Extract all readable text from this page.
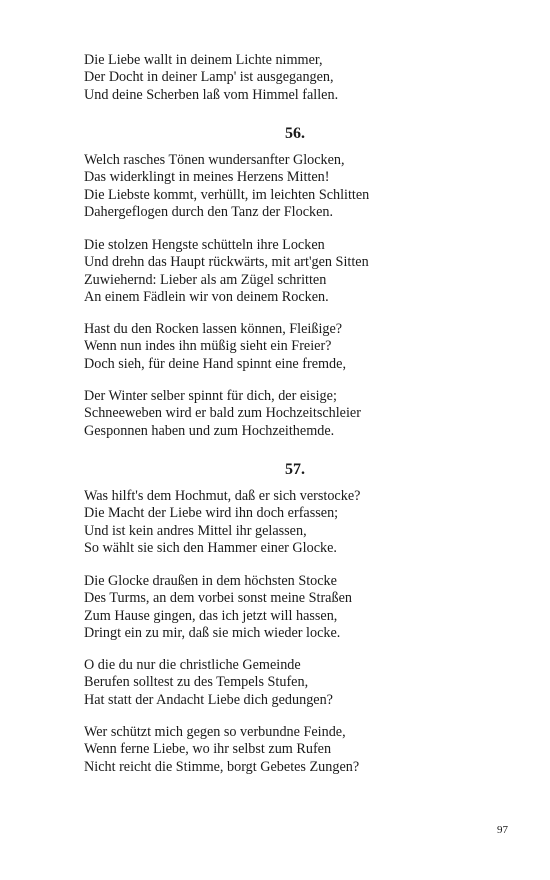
Die Liebe wallt in deinem Lichte nimmer,
Der Docht in deiner Lamp' ist ausgegangen,
Und deine Scherben laß vom Himmel fallen.
56.
Welch rasches Tönen wundersanfter Glocken,
Das widerklingt in meines Herzens Mitten!
Die Liebste kommt, verhüllt, im leichten Schlitten
Dahergeflogen durch den Tanz der Flocken.
Die stolzen Hengste schütteln ihre Locken
Und drehn das Haupt rückwärts, mit art'gen Sitten
Zuwiehernd: Lieber als am Zügel schritten
An einem Fädlein wir von deinem Rocken.
Hast du den Rocken lassen können, Fleißige?
Wenn nun indes ihn müßig sieht ein Freier?
Doch sieh, für deine Hand spinnt eine fremde,
Der Winter selber spinnt für dich, der eisige;
Schneeweben wird er bald zum Hochzeitschleier
Gesponnen haben und zum Hochzeithemde.
57.
Was hilft's dem Hochmut, daß er sich verstocke?
Die Macht der Liebe wird ihn doch erfassen;
Und ist kein andres Mittel ihr gelassen,
So wählt sie sich den Hammer einer Glocke.
Die Glocke draußen in dem höchsten Stocke
Des Turms, an dem vorbei sonst meine Straßen
Zum Hause gingen, das ich jetzt will hassen,
Dringt ein zu mir, daß sie mich wieder locke.
O die du nur die christliche Gemeinde
Berufen solltest zu des Tempels Stufen,
Hat statt der Andacht Liebe dich gedungen?
Wer schützt mich gegen so verbundne Feinde,
Wenn ferne Liebe, wo ihr selbst zum Rufen
Nicht reicht die Stimme, borgt Gebetes Zungen?
97
